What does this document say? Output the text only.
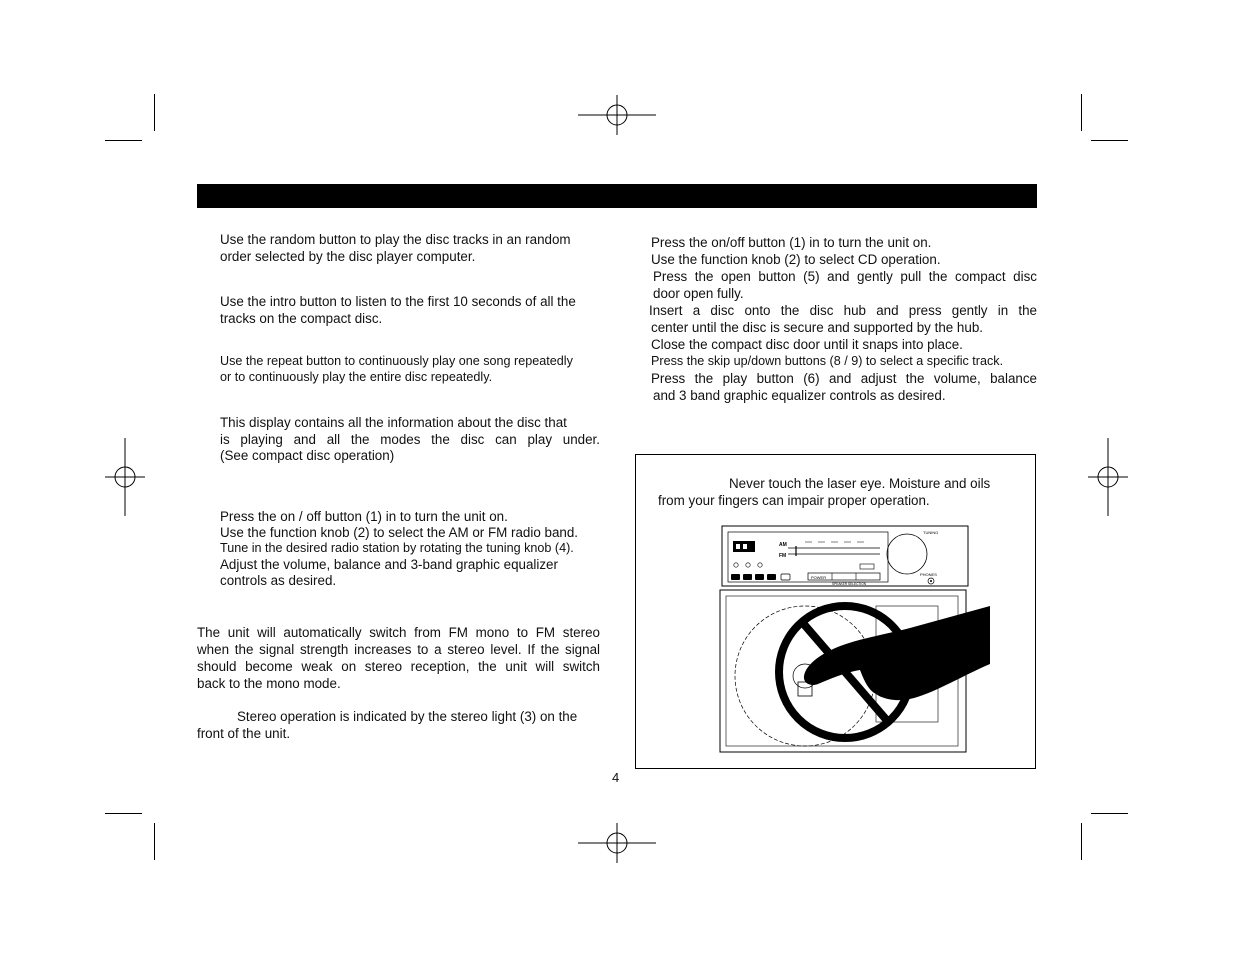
Use the random button to play the disc tracks in an random
order selected by the disc player computer.
Use the intro button to listen to the first 10 seconds of all the
tracks on the compact disc.
Use the repeat button to continuously play one song repeatedly
or to continuously play the entire disc repeatedly.
This display contains all the information about the disc that
is playing and all the modes the disc can play under.
(See compact disc operation)
Press the on / off button (1) in to turn the unit on.
Use the function knob (2) to select the AM or FM radio band.
Tune in the desired radio station by rotating the tuning knob (4).
Adjust the volume, balance and 3-band graphic equalizer
controls as desired.
The unit will automatically switch from FM mono to FM stereo
when the signal strength increases to a stereo level. If the signal
should become weak on stereo reception, the unit will switch
back to the mono mode.
Stereo operation is indicated by the stereo light (3) on the
front of the unit.
Press the on/off button (1) in to turn the unit on.
Use the function knob (2) to select CD operation.
Press the open button (5) and gently pull the compact disc
door open fully.
Insert a disc onto the disc hub and press gently in the
center until the disc is secure and supported by the hub.
Close the compact disc door until it snaps into place.
Press the skip up/down buttons (8 / 9) to select a specific track.
Press the play button (6) and adjust the volume, balance
and 3 band graphic equalizer controls as desired.
Never touch the laser eye. Moisture and oils
from your fingers can impair proper operation.
AM
FM
POWER
SPEAKER SELECTION
TUNING
PHONES
4
